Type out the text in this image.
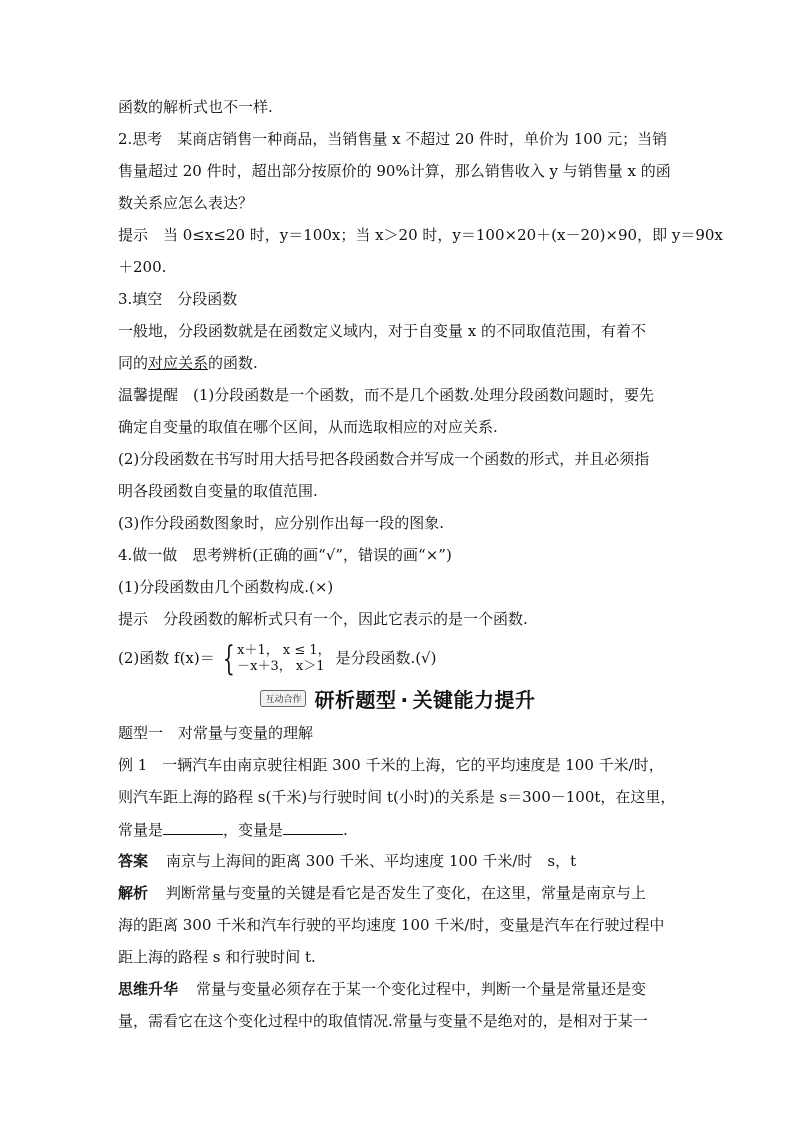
函数的解析式也不一样.
2.思考　某商店销售一种商品，当销售量 x 不超过 20 件时，单价为 100 元；当销
售量超过 20 件时，超出部分按原价的 90%计算，那么销售收入 y 与销售量 x 的函
数关系应怎么表达？
提示　当 0≤x≤20 时，y＝100x；当 x＞20 时，y＝100×20＋(x－20)×90，即 y＝90x
＋200.
3.填空　分段函数
一般地，分段函数就是在函数定义域内，对于自变量 x 的不同取值范围，有着不
同的对应关系的函数.
温馨提醒　(1)分段函数是一个函数，而不是几个函数.处理分段函数问题时，要先
确定自变量的取值在哪个区间，从而选取相应的对应关系.
(2)分段函数在书写时用大括号把各段函数合并写成一个函数的形式，并且必须指
明各段函数自变量的取值范围.
(3)作分段函数图象时，应分别作出每一段的图象.
4.做一做　思考辨析(正确的画“√”，错误的画“×”)
(1)分段函数由几个函数构成.(×)
提示　分段函数的解析式只有一个，因此它表示的是一个函数.
(2)函数 f(x)＝ { x＋1， x ≤ 1，
－x＋3， x＞1 是分段函数.(√)
互动合作 研析题型 · 关键能力提升
题型一　对常量与变量的理解
例 1　一辆汽车由南京驶往相距 300 千米的上海，它的平均速度是 100 千米/时，
则汽车距上海的路程 s(千米)与行驶时间 t(小时)的关系是 s＝300－100t，在这里，
常量是	，变量是	.
答案 南京与上海间的距离 300 千米、平均速度 100 千米/时　s，t
解析 判断常量与变量的关键是看它是否发生了变化，在这里，常量是南京与上
海的距离 300 千米和汽车行驶的平均速度 100 千米/时，变量是汽车在行驶过程中
距上海的路程 s 和行驶时间 t.
思维升华 常量与变量必须存在于某一个变化过程中，判断一个量是常量还是变
量，需看它在这个变化过程中的取值情况.常量与变量不是绝对的，是相对于某一
